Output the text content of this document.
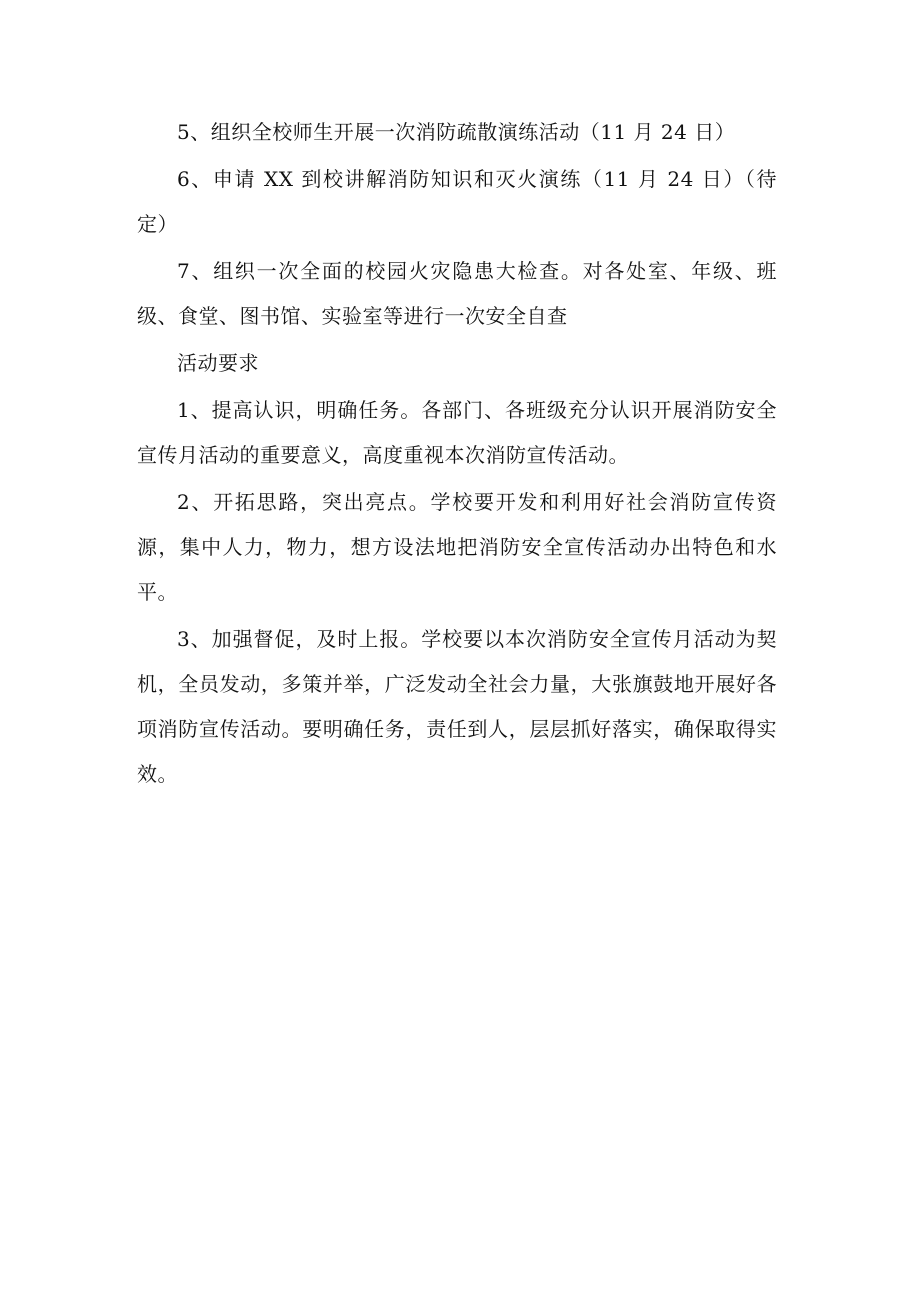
5、组织全校师生开展一次消防疏散演练活动（11 月 24 日）

6、申请 XX 到校讲解消防知识和灭火演练（11 月 24 日）（待定）

7、组织一次全面的校园火灾隐患大检查。对各处室、年级、班级、食堂、图书馆、实验室等进行一次安全自查

活动要求

1、提高认识，明确任务。各部门、各班级充分认识开展消防安全宣传月活动的重要意义，高度重视本次消防宣传活动。

2、开拓思路，突出亮点。学校要开发和利用好社会消防宣传资源，集中人力，物力，想方设法地把消防安全宣传活动办出特色和水平。

3、加强督促，及时上报。学校要以本次消防安全宣传月活动为契机，全员发动，多策并举，广泛发动全社会力量，大张旗鼓地开展好各项消防宣传活动。要明确任务，责任到人，层层抓好落实，确保取得实效。
